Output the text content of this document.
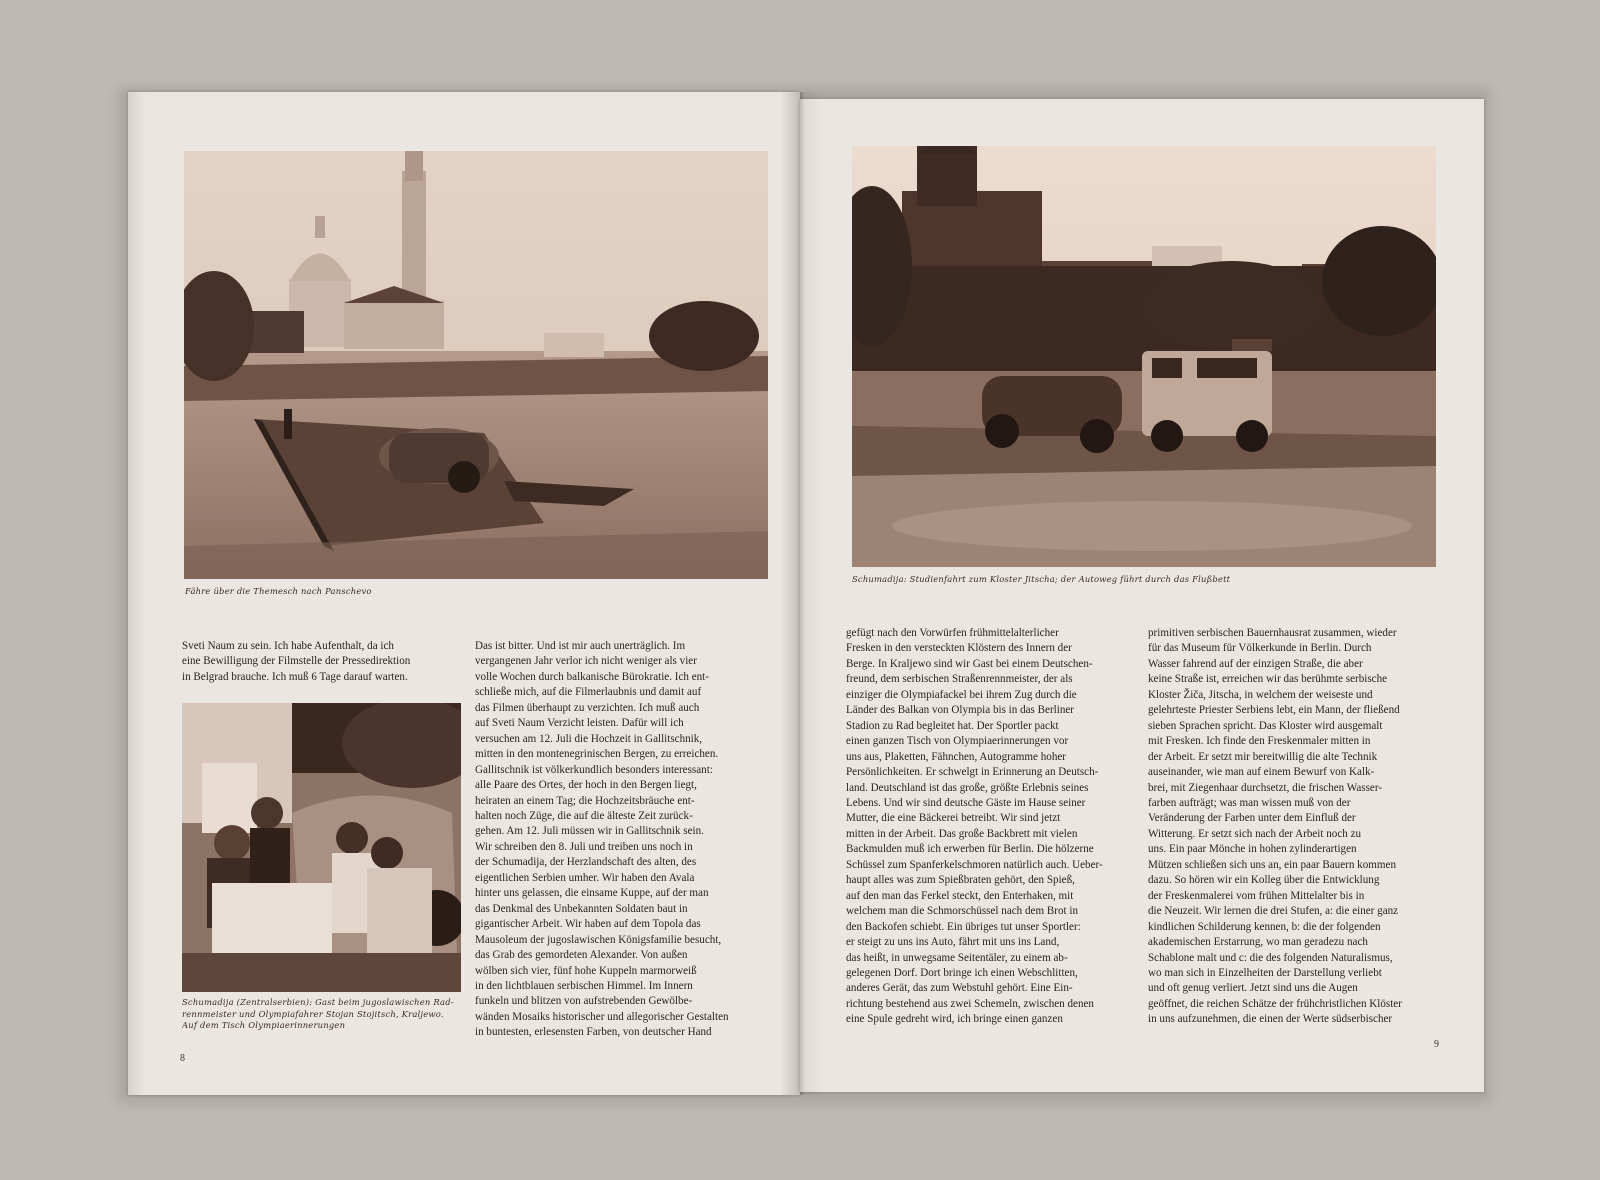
Fähre über die Themesch nach Panschevo
Sveti Naum zu sein. Ich habe Aufenthalt, da ich
eine Bewilligung der Filmstelle der Pressedirektion
in Belgrad brauche. Ich muß 6 Tage darauf warten.
Schumadija (Zentralserbien): Gast beim jugoslawischen Rad-
rennmeister und Olympiafahrer Stojan Stojitsch, Kraljewo.
Auf dem Tisch Olympiaerinnerungen
Das ist bitter. Und ist mir auch unerträglich. Im
vergangenen Jahr verlor ich nicht weniger als vier
volle Wochen durch balkanische Bürokratie. Ich ent-
schließe mich, auf die Filmerlaubnis und damit auf
das Filmen überhaupt zu verzichten. Ich muß auch
auf Sveti Naum Verzicht leisten. Dafür will ich
versuchen am 12. Juli die Hochzeit in Gallitschnik,
mitten in den montenegrinischen Bergen, zu erreichen.
Gallitschnik ist völkerkundlich besonders interessant:
alle Paare des Ortes, der hoch in den Bergen liegt,
heiraten an einem Tag; die Hochzeitsbräuche ent-
halten noch Züge, die auf die älteste Zeit zurück-
gehen. Am 12. Juli müssen wir in Gallitschnik sein.
Wir schreiben den 8. Juli und treiben uns noch in
der Schumadija, der Herzlandschaft des alten, des
eigentlichen Serbien umher. Wir haben den Avala
hinter uns gelassen, die einsame Kuppe, auf der man
das Denkmal des Unbekannten Soldaten baut in
gigantischer Arbeit. Wir haben auf dem Topola das
Mausoleum der jugoslawischen Königsfamilie besucht,
das Grab des gemordeten Alexander. Von außen
wölben sich vier, fünf hohe Kuppeln marmorweiß
in den lichtblauen serbischen Himmel. Im Innern
funkeln und blitzen von aufstrebenden Gewölbe-
wänden Mosaiks historischer und allegorischer Gestalten
in buntesten, erlesensten Farben, von deutscher Hand
8
Schumadija: Studienfahrt zum Kloster Jitscha; der Autoweg führt durch das Flußbett
gefügt nach den Vorwürfen frühmittelalterlicher
Fresken in den versteckten Klöstern des Innern der
Berge. In Kraljewo sind wir Gast bei einem Deutschen-
freund, dem serbischen Straßenrennmeister, der als
einziger die Olympiafackel bei ihrem Zug durch die
Länder des Balkan von Olympia bis in das Berliner
Stadion zu Rad begleitet hat. Der Sportler packt
einen ganzen Tisch von Olympiaerinnerungen vor
uns aus, Plaketten, Fähnchen, Autogramme hoher
Persönlichkeiten. Er schwelgt in Erinnerung an Deutsch-
land. Deutschland ist das große, größte Erlebnis seines
Lebens. Und wir sind deutsche Gäste im Hause seiner
Mutter, die eine Bäckerei betreibt. Wir sind jetzt
mitten in der Arbeit. Das große Backbrett mit vielen
Backmulden muß ich erwerben für Berlin. Die hölzerne
Schüssel zum Spanferkelschmoren natürlich auch. Ueber-
haupt alles was zum Spießbraten gehört, den Spieß,
auf den man das Ferkel steckt, den Enterhaken, mit
welchem man die Schmorschüssel nach dem Brot in
den Backofen schiebt. Ein übriges tut unser Sportler:
er steigt zu uns ins Auto, fährt mit uns ins Land,
das heißt, in unwegsame Seitentäler, zu einem ab-
gelegenen Dorf. Dort bringe ich einen Webschlitten,
anderes Gerät, das zum Webstuhl gehört. Eine Ein-
richtung bestehend aus zwei Schemeln, zwischen denen
eine Spule gedreht wird, ich bringe einen ganzen
primitiven serbischen Bauernhausrat zusammen, wieder
für das Museum für Völkerkunde in Berlin. Durch
Wasser fahrend auf der einzigen Straße, die aber
keine Straße ist, erreichen wir das berühmte serbische
Kloster Žiča, Jitscha, in welchem der weiseste und
gelehrteste Priester Serbiens lebt, ein Mann, der fließend
sieben Sprachen spricht. Das Kloster wird ausgemalt
mit Fresken. Ich finde den Freskenmaler mitten in
der Arbeit. Er setzt mir bereitwillig die alte Technik
auseinander, wie man auf einem Bewurf von Kalk-
brei, mit Ziegenhaar durchsetzt, die frischen Wasser-
farben aufträgt; was man wissen muß von der
Veränderung der Farben unter dem Einfluß der
Witterung. Er setzt sich nach der Arbeit noch zu
uns. Ein paar Mönche in hohen zylinderartigen
Mützen schließen sich uns an, ein paar Bauern kommen
dazu. So hören wir ein Kolleg über die Entwicklung
der Freskenmalerei vom frühen Mittelalter bis in
die Neuzeit. Wir lernen die drei Stufen, a: die einer ganz
kindlichen Schilderung kennen, b: die der folgenden
akademischen Erstarrung, wo man geradezu nach
Schablone malt und c: die des folgenden Naturalismus,
wo man sich in Einzelheiten der Darstellung verliebt
und oft genug verliert. Jetzt sind uns die Augen
geöffnet, die reichen Schätze der frühchristlichen Klöster
in uns aufzunehmen, die einen der Werte südserbischer
9
